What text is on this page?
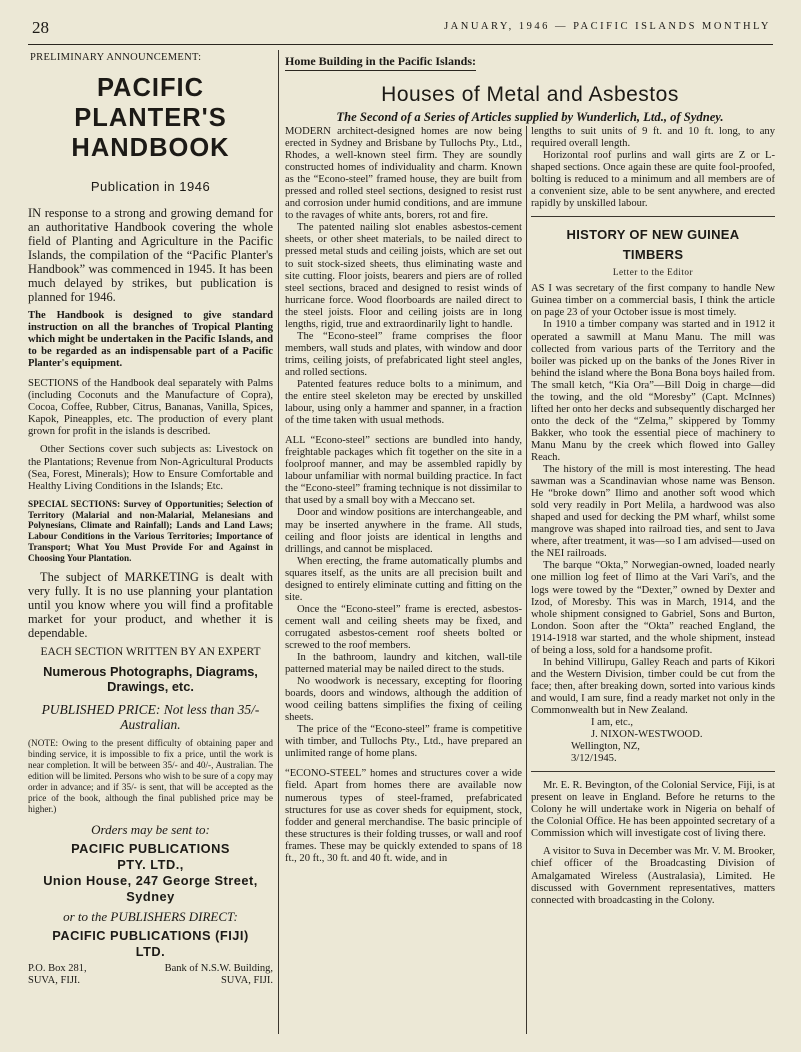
28	JANUARY, 1946 — PACIFIC ISLANDS MONTHLY

PRELIMINARY ANNOUNCEMENT:

PACIFIC

PLANTER'S

HANDBOOK

Publication in 1946

IN response to a strong and growing demand for an authoritative Handbook covering the whole field of Planting and Agriculture in the Pacific Islands, the compilation of the “Pacific Planter's Handbook” was commenced in 1945. It has been much delayed by strikes, but publication is planned for 1946.

The Handbook is designed to give standard instruction on all the branches of Tropical Planting which might be undertaken in the Pacific Islands, and to be regarded as an indispensable part of a Pacific Planter's equipment.

SECTIONS of the Handbook deal separately with Palms (including Coconuts and the Manufacture of Copra), Cocoa, Coffee, Rubber, Citrus, Bananas, Vanilla, Spices, Kapok, Pineapples, etc. The production of every plant grown for profit in the islands is described.

Other Sections cover such subjects as: Livestock on the Plantations; Revenue from Non-Agricultural Products (Sea, Forest, Minerals); How to Ensure Comfortable and Healthy Living Conditions in the Islands; Etc.

SPECIAL SECTIONS: Survey of Opportunities; Selection of Territory (Malarial and non-Malarial, Melanesians and Polynesians, Climate and Rainfall); Lands and Land Laws; Labour Conditions in the Various Territories; Importance of Transport; What You Must Provide For and Against in Choosing Your Plantation.

The subject of MARKETING is dealt with very fully. It is no use planning your plantation until you know where you will find a profitable market for your product, and whether it is dependable.

EACH SECTION WRITTEN BY AN EXPERT

Numerous Photographs, Diagrams, Drawings, etc.

PUBLISHED PRICE: Not less than 35/- Australian.

(NOTE: Owing to the present difficulty of obtaining paper and binding service, it is impossible to fix a price, until the work is near completion. It will be between 35/- and 40/-, Australian. The edition will be limited. Persons who wish to be sure of a copy may order in advance; and if 35/- is sent, that will be accepted as the price of the book, although the final published price may be higher.)

Orders may be sent to:

PACIFIC PUBLICATIONS

PTY. LTD.,

Union House, 247 George Street,

Sydney

or to the PUBLISHERS DIRECT:

PACIFIC PUBLICATIONS (FIJI)

LTD.

P.O. Box 281,

SUVA, FIJI.

Bank of N.S.W. Building,

SUVA, FIJI.

Home Building in the Pacific Islands:

Houses of Metal and Asbestos

The Second of a Series of Articles supplied by Wunderlich, Ltd., of Sydney.

MODERN architect-designed homes are now being erected in Sydney and Brisbane by Tullochs Pty., Ltd., Rhodes, a well-known steel firm. They are soundly constructed homes of individuality and charm. Known as the “Econo-steel” framed house, they are built from pressed and rolled steel sections, designed to resist rust and corrosion under humid conditions, and are immune to the ravages of white ants, borers, rot and fire.

The patented nailing slot enables asbestos-cement sheets, or other sheet materials, to be nailed direct to pressed metal studs and ceiling joists, which are set out to suit stock-sized sheets, thus eliminating waste and site cutting. Floor joists, bearers and piers are of rolled steel sections, braced and designed to resist winds of hurricane force. Wood floorboards are nailed direct to the steel joists. Floor and ceiling joists are in long lengths, rigid, true and extraordinarily light to handle.

The “Econo-steel” frame comprises the floor members, wall studs and plates, with window and door trims, ceiling joists, of prefabricated light steel angles, and rolled sections.

Patented features reduce bolts to a minimum, and the entire steel skeleton may be erected by unskilled labour, using only a hammer and spanner, in a fraction of the time taken with usual methods.

ALL “Econo-steel” sections are bundled into handy, freightable packages which fit together on the site in a foolproof manner, and may be assembled rapidly by labour unfamiliar with normal building practice. In fact the “Econo-steel” framing technique is not dissimilar to that used by a small boy with a Meccano set.

Door and window positions are interchangeable, and may be inserted anywhere in the frame. All studs, ceiling and floor joists are identical in lengths and drillings, and cannot be misplaced.

When erecting, the frame automatically plumbs and squares itself, as the units are all precision built and designed to entirely eliminate cutting and fitting on the site.

Once the “Econo-steel” frame is erected, asbestos-cement wall and ceiling sheets may be fixed, and corrugated asbestos-cement roof sheets bolted or screwed to the roof members.

In the bathroom, laundry and kitchen, wall-tile patterned material may be nailed direct to the studs.

No woodwork is necessary, excepting for flooring boards, doors and windows, although the addition of wood ceiling battens simplifies the fixing of ceiling sheets.

The price of the “Econo-steel” frame is competitive with timber, and Tullochs Pty., Ltd., have prepared an unlimited range of home plans.

“ECONO-STEEL” homes and structures cover a wide field. Apart from homes there are available now numerous types of steel-framed, prefabricated structures for use as cover sheds for equipment, stock, fodder and general merchandise. The basic principle of these structures is their folding trusses, or wall and roof frames. These may be quickly extended to spans of 18 ft., 20 ft., 30 ft. and 40 ft. wide, and in

lengths to suit units of 9 ft. and 10 ft. long, to any required overall length.

Horizontal roof purlins and wall girts are Z or L-shaped sections. Once again these are quite fool-proofed, bolting is reduced to a minimum and all members are of a convenient size, able to be sent anywhere, and erected rapidly by unskilled labour.

HISTORY OF NEW GUINEA

TIMBERS

Letter to the Editor

AS I was secretary of the first company to handle New Guinea timber on a commercial basis, I think the article on page 23 of your October issue is most timely.

In 1910 a timber company was started and in 1912 it operated a sawmill at Manu Manu. The mill was collected from various parts of the Territory and the boiler was picked up on the banks of the Jones River in behind the island where the Bona Bona boys hailed from. The small ketch, “Kia Ora”—Bill Doig in charge—did the towing, and the old “Moresby” (Capt. McInnes) lifted her onto her decks and subsequently discharged her onto the deck of the “Zelma,” skippered by Tommy Bakker, who took the essential piece of machinery to Manu Manu by the creek which flowed into Galley Reach.

The history of the mill is most interesting. The head sawman was a Scandinavian whose name was Benson. He “broke down” Ilimo and another soft wood which sold very readily in Port Melila, a hardwood was also shaped and used for decking the PM wharf, whilst some mangrove was shaped into railroad ties, and sent to Java where, after treatment, it was—so I am advised—used on the NEI railroads.

The barque “Okta,” Norwegian-owned, loaded nearly one million log feet of Ilimo at the Vari Vari's, and the logs were towed by the “Dexter,” owned by Dexter and Izod, of Moresby. This was in March, 1914, and the whole shipment consigned to Gabriel, Sons and Burton, London. Soon after the “Okta” reached England, the 1914-1918 war started, and the whole shipment, instead of being a loss, sold for a handsome profit.

In behind Villirupu, Galley Reach and parts of Kikori and the Western Division, timber could be cut from the face; then, after breaking down, sorted into various kinds and would, I am sure, find a ready market not only in the Commonwealth but in New Zealand.

I am, etc.,

J. NIXON-WESTWOOD.

Wellington, NZ,

3/12/1945.

Mr. E. R. Bevington, of the Colonial Service, Fiji, is at present on leave in England. Before he returns to the Colony he will undertake work in Nigeria on behalf of the Colonial Office. He has been appointed secretary of a Commission which will investigate cost of living there.

A visitor to Suva in December was Mr. V. M. Brooker, chief officer of the Broadcasting Division of Amalgamated Wireless (Australasia), Limited. He discussed with Government representatives, matters connected with broadcasting in the Colony.
